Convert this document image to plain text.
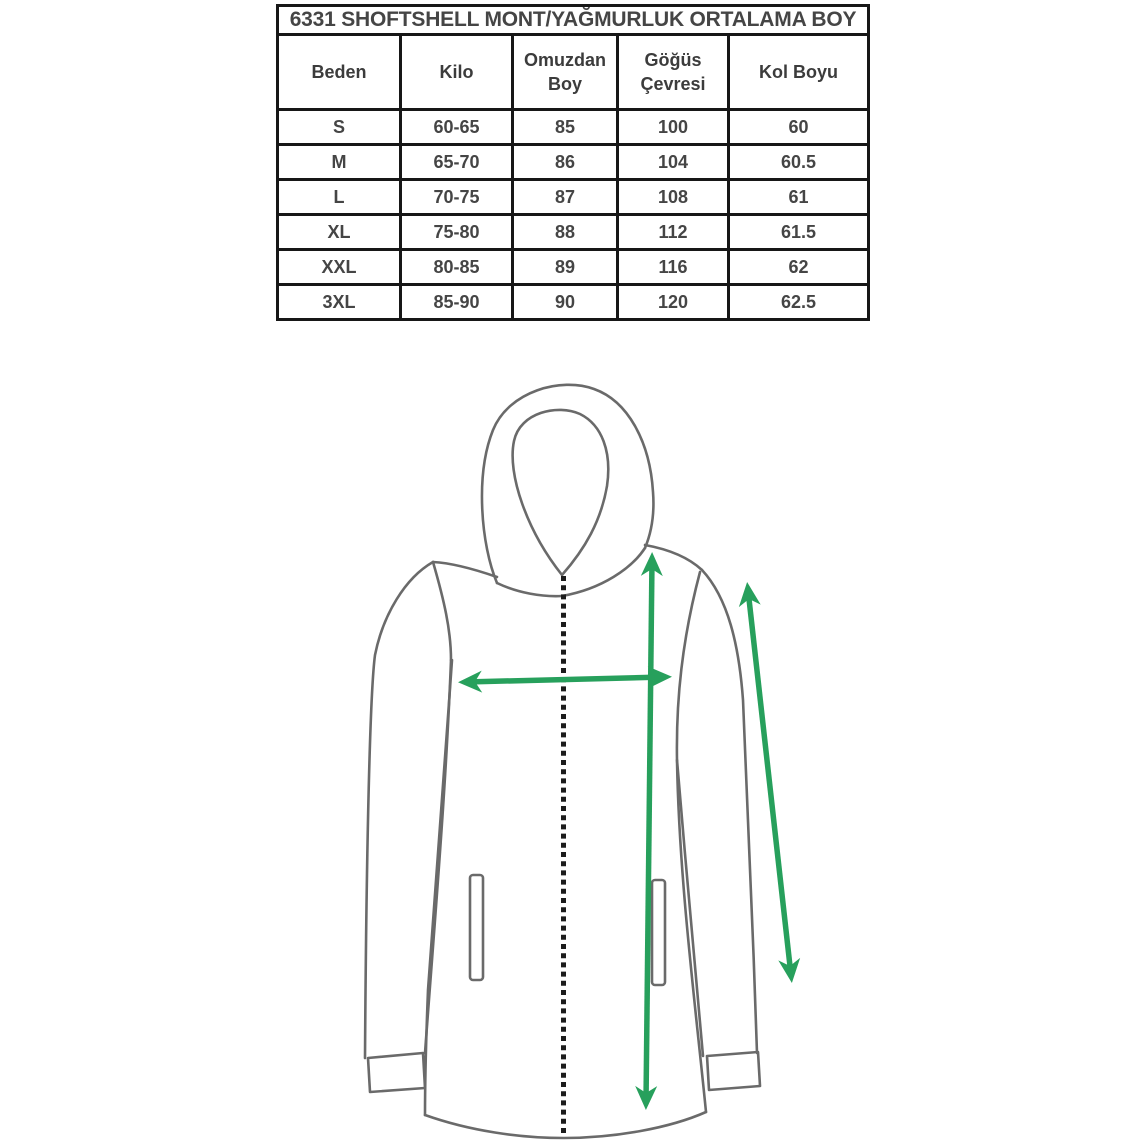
6331 SHOFTSHELL MONT/YAĞMURLUK ORTALAMA BOY				
Beden	Kilo	Omuzdan Boy	Göğüs Çevresi	Kol Boyu
S	60-65	85	100	60
M	65-70	86	104	60.5
L	70-75	87	108	61
XL	75-80	88	112	61.5
XXL	80-85	89	116	62
3XL	85-90	90	120	62.5
